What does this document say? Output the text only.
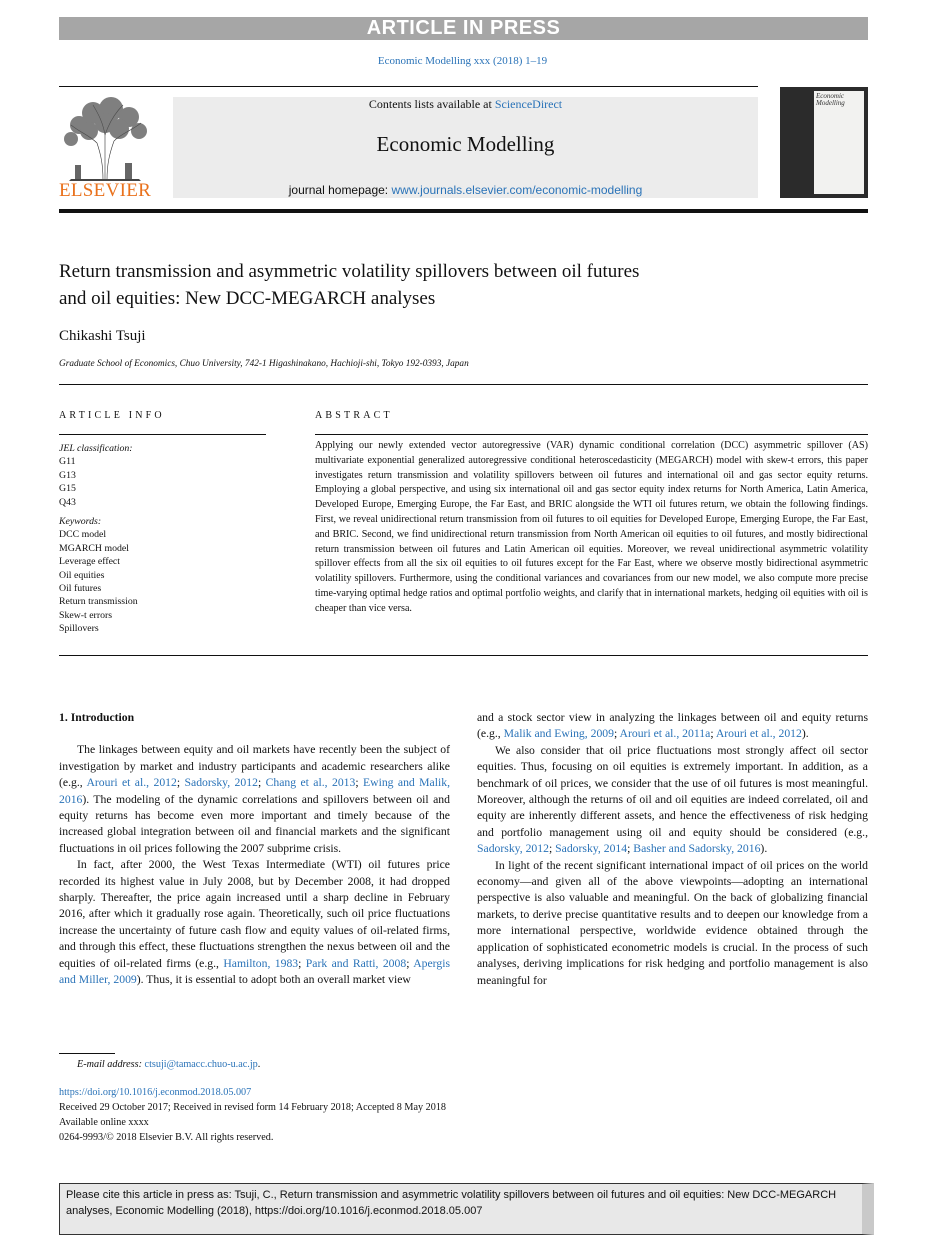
ARTICLE IN PRESS
Economic Modelling xxx (2018) 1–19
ELSEVIER
Contents lists available at ScienceDirect
Economic Modelling
journal homepage: www.journals.elsevier.com/economic-modelling
Economic Modelling
Return transmission and asymmetric volatility spillovers between oil futures
and oil equities: New DCC-MEGARCH analyses
Chikashi Tsuji
Graduate School of Economics, Chuo University, 742-1 Higashinakano, Hachioji-shi, Tokyo 192-0393, Japan
ARTICLE INFO	ABSTRACT
JEL classification:
G11
G13
G15
Q43
Keywords:
DCC model
MGARCH model
Leverage effect
Oil equities
Oil futures
Return transmission
Skew-t errors
Spillovers
Applying our newly extended vector autoregressive (VAR) dynamic conditional correlation (DCC) asymmetric spillover (AS) multivariate exponential generalized autoregressive conditional heteroscedasticity (MEGARCH) model with skew-t errors, this paper investigates return transmission and volatility spillovers between oil futures and international oil and gas sector equity returns. Employing a global perspective, and using six international oil and gas sector equity index returns for North America, Latin America, Developed Europe, Emerging Europe, the Far East, and BRIC alongside the WTI oil futures return, we obtain the following findings. First, we reveal unidirectional return transmission from oil futures to oil equities for Developed Europe, Emerging Europe, the Far East, and BRIC. Second, we find unidirectional return transmission from North American oil equities to oil futures, and mostly bidirectional return transmission between oil futures and Latin American oil equities. Moreover, we reveal unidirectional asymmetric volatility spillover effects from all the six oil equities to oil futures except for the Far East, where we observe mostly bidirectional asymmetric volatility spillovers. Furthermore, using the conditional variances and covariances from our new model, we also compute more precise time-varying optimal hedge ratios and optimal portfolio weights, and clarify that in international markets, hedging oil equities with oil is cheaper than vice versa.

1. Introduction

The linkages between equity and oil markets have recently been the subject of investigation by market and industry participants and academic researchers alike (e.g., Arouri et al., 2012; Sadorsky, 2012; Chang et al., 2013; Ewing and Malik, 2016). The modeling of the dynamic correlations and spillovers between oil and equity returns has become even more important and timely because of the increased global integration between oil and financial markets and the significant fluctuations in oil prices following the 2007 subprime crisis.

In fact, after 2000, the West Texas Intermediate (WTI) oil futures price recorded its highest value in July 2008, but by December 2008, it had dropped sharply. Thereafter, the price again increased until a sharp decline in February 2016, after which it gradually rose again. Theoretically, such oil price fluctuations increase the uncertainty of future cash flow and equity values of oil-related firms, and through this effect, these fluctuations strengthen the nexus between oil and the equities of oil-related firms (e.g., Hamilton, 1983; Park and Ratti, 2008; Apergis and Miller, 2009). Thus, it is essential to adopt both an overall market view

and a stock sector view in analyzing the linkages between oil and equity returns (e.g., Malik and Ewing, 2009; Arouri et al., 2011a; Arouri et al., 2012).

We also consider that oil price fluctuations most strongly affect oil sector equities. Thus, focusing on oil equities is extremely important. In addition, as a benchmark of oil prices, we consider that the use of oil futures is most meaningful. Moreover, although the returns of oil and oil equities are indeed correlated, oil and equity are inherently different assets, and hence the effectiveness of risk hedging and portfolio management using oil and equity should be considered (e.g., Sadorsky, 2012; Sadorsky, 2014; Basher and Sadorsky, 2016).

In light of the recent significant international impact of oil prices on the world economy—and given all of the above viewpoints—adopting an international perspective is also valuable and meaningful. On the back of globalizing financial markets, to derive precise quantitative results and to deepen our knowledge from a more international perspective, worldwide evidence obtained through the application of sophisticated econometric models is crucial. In the process of such analyses, deriving implications for risk hedging and portfolio management is also meaningful for

E-mail address: ctsuji@tamacc.chuo-u.ac.jp.
https://doi.org/10.1016/j.econmod.2018.05.007
Received 29 October 2017; Received in revised form 14 February 2018; Accepted 8 May 2018
Available online xxxx
0264-9993/© 2018 Elsevier B.V. All rights reserved.
Please cite this article in press as: Tsuji, C., Return transmission and asymmetric volatility spillovers between oil futures and oil equities: New DCC-MEGARCH analyses, Economic Modelling (2018), https://doi.org/10.1016/j.econmod.2018.05.007
